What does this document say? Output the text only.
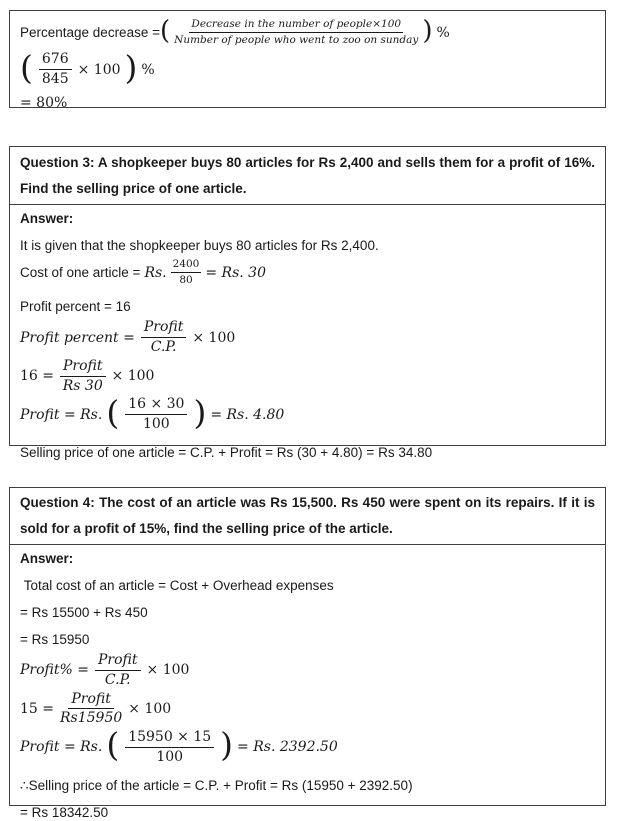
Percentage decrease = ( $\frac{\text{Decrease in the number of people×100}}{\text{Number of people who went to zoo on sunday}}$ ) %
( $\frac{676}{845} \times 100$ ) %
= 80%
Question 3: A shopkeeper buys 80 articles for Rs 2,400 and sells them for a profit of 16%. Find the selling price of one article.
Answer:
It is given that the shopkeeper buys 80 articles for Rs 2,400.
Cost of one article = Rs. $\frac{2400}{80} = Rs$. 30
Profit percent = 16
Profit percent = $\frac{\text{Profit}}{C.P.} \times 100$
$16 = \frac{\text{Profit}}{Rs 30} \times 100$
Profit = Rs. ( $\frac{16 \times 30}{100}$ ) = Rs. 4.80
Selling price of one article = C.P. + Profit = Rs (30 + 4.80) = Rs 34.80
Question 4: The cost of an article was Rs 15,500. Rs 450 were spent on its repairs. If it is sold for a profit of 15%, find the selling price of the article.
Answer:
Total cost of an article = Cost + Overhead expenses
= Rs 15500 + Rs 450
= Rs 15950
Profit% = $\frac{\text{Profit}}{C.P.} \times 100$
$15 = \frac{\text{Profit}}{Rs15950} \times 100$
Profit = Rs. ( $\frac{15950 \times 15}{100}$ ) = Rs. 2392.50
∴Selling price of the article = C.P. + Profit = Rs (15950 + 2392.50)
= Rs 18342.50
